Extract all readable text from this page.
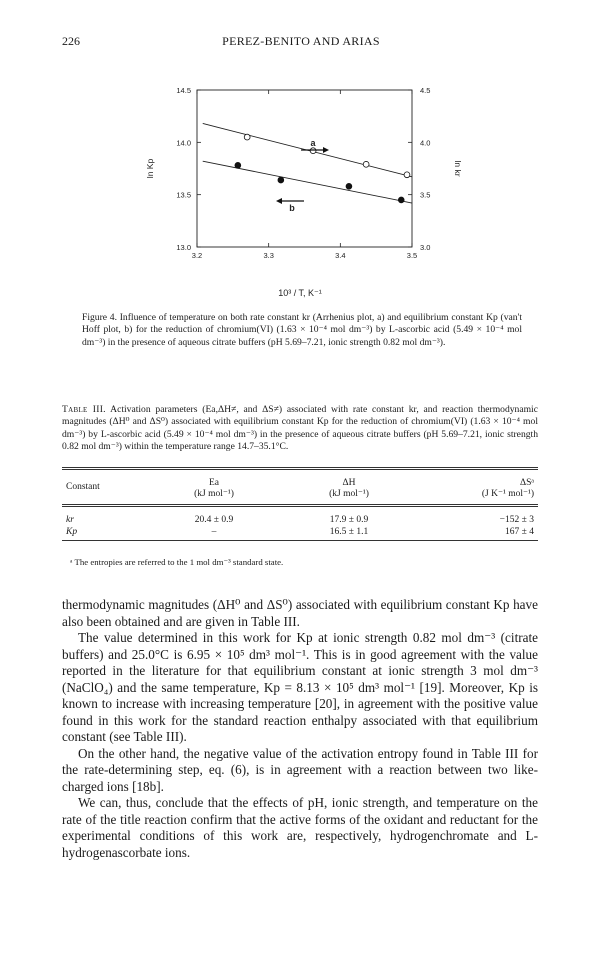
226	PEREZ-BENITO AND ARIAS
3.2	3.3	3.4	3.5
13.0
13.5
14.0
14.5
3.0
3.5
4.0
4.5
ln Kp	ln kr
a
b
10³ / T, K⁻¹
Figure 4. Influence of temperature on both rate constant kr (Arrhenius plot, a) and equilibrium constant Kp (van't Hoff plot, b) for the reduction of chromium(VI) (1.63 × 10⁻⁴ mol dm⁻³) by L-ascorbic acid (5.49 × 10⁻⁴ mol dm⁻³) in the presence of aqueous citrate buffers (pH 5.69–7.21, ionic strength 0.82 mol dm⁻³).
Table III. Activation parameters (Ea,ΔH≠, and ΔS≠) associated with rate constant kr, and reaction thermodynamic magnitudes (ΔH⁰ and ΔS⁰) associated with equilibrium constant Kp for the reduction of chromium(VI) (1.63 × 10⁻⁴ mol dm⁻³) by L-ascorbic acid (5.49 × 10⁻⁴ mol dm⁻³) in the presence of aqueous citrate buffers (pH 5.69–7.21, ionic strength 0.82 mol dm⁻³) within the temperature range 14.7–35.1°C.
Constant	Ea	ΔH	ΔSᵃ
	(kJ mol⁻¹)	(kJ mol⁻¹)	(J K⁻¹ mol⁻¹)
kr	20.4 ± 0.9	17.9 ± 0.9	−152 ± 3
Kp	–	16.5 ± 1.1	167 ± 4
ᵃ The entropies are referred to the 1 mol dm⁻³ standard state.

thermodynamic magnitudes (ΔH⁰ and ΔS⁰) associated with equilibrium constant Kp have also been obtained and are given in Table III.

The value determined in this work for Kp at ionic strength 0.82 mol dm⁻³ (citrate buffers) and 25.0°C is 6.95 × 10⁵ dm³ mol⁻¹. This is in good agreement with the value reported in the literature for that equilibrium constant at ionic strength 3 mol dm⁻³ (NaClO₄) and the same temperature, Kp = 8.13 × 10⁵ dm³ mol⁻¹ [19]. Moreover, Kp is known to increase with increasing temperature [20], in agreement with the positive value found in this work for the standard reaction enthalpy associated with that equilibrium constant (see Table III).

On the other hand, the negative value of the activation entropy found in Table III for the rate-determining step, eq. (6), is in agreement with a reaction between two like-charged ions [18b].

We can, thus, conclude that the effects of pH, ionic strength, and temperature on the rate of the title reaction confirm that the active forms of the oxidant and reductant for the experimental conditions of this work are, respectively, hydrogenchromate and L-hydrogenascorbate ions.
